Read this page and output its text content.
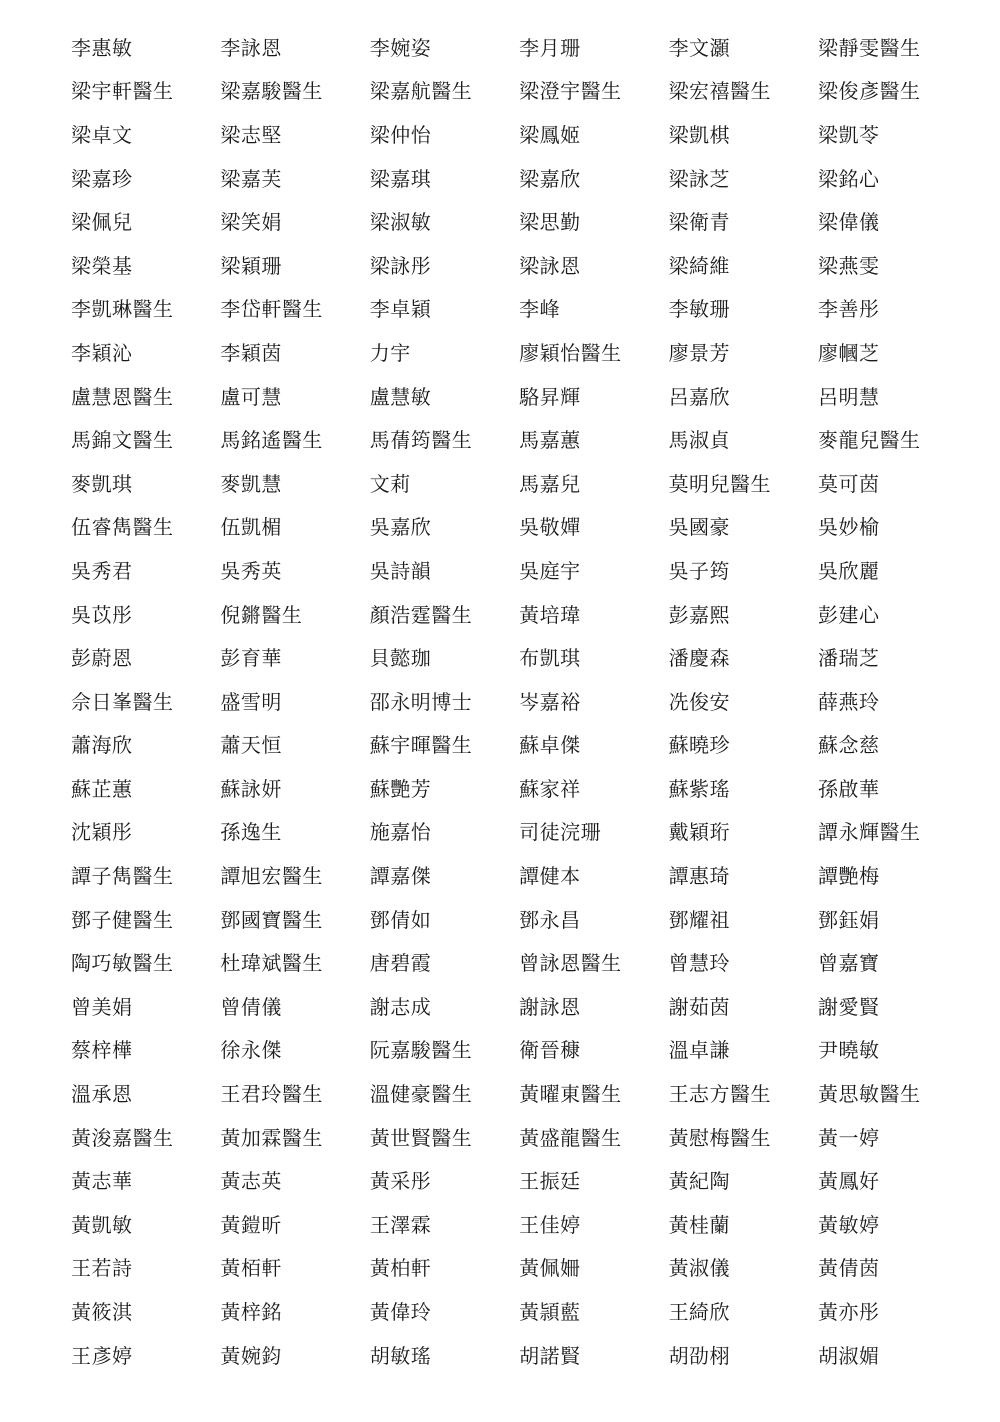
李惠敏	李詠恩	李婉姿	李月珊	李文灝	梁靜雯醫生
梁宇軒醫生	梁嘉駿醫生	梁嘉航醫生	梁澄宇醫生	梁宏禧醫生	梁俊彥醫生
梁卓文	梁志堅	梁仲怡	梁鳳姬	梁凱棋	梁凱苓
梁嘉珍	梁嘉芙	梁嘉琪	梁嘉欣	梁詠芝	梁銘心
梁佩兒	梁笑娟	梁淑敏	梁思勤	梁衛青	梁偉儀
梁榮基	梁穎珊	梁詠彤	梁詠恩	梁綺維	梁燕雯
李凱琳醫生	李岱軒醫生	李卓穎	李峰	李敏珊	李善彤
李穎沁	李穎茵	力宇	廖穎怡醫生	廖景芳	廖幗芝
盧慧恩醫生	盧可慧	盧慧敏	駱昇輝	呂嘉欣	呂明慧
馬錦文醫生	馬銘遙醫生	馬蒨筠醫生	馬嘉蕙	馬淑貞	麥龍兒醫生
麥凱琪	麥凱慧	文莉	馬嘉兒	莫明兒醫生	莫可茵
伍睿雋醫生	伍凱楣	吳嘉欣	吳敬嬋	吳國豪	吳妙榆
吳秀君	吳秀英	吳詩韻	吳庭宇	吳子筠	吳欣麗
吳苡彤	倪鏘醫生	顏浩霆醫生	黃培瑋	彭嘉熙	彭建心
彭蔚恩	彭育華	貝懿珈	布凱琪	潘慶森	潘瑞芝
佘日峯醫生	盛雪明	邵永明博士	岑嘉裕	冼俊安	薛燕玲
蕭海欣	蕭天恒	蘇宇暉醫生	蘇卓傑	蘇曉珍	蘇念慈
蘇芷蕙	蘇詠妍	蘇艷芳	蘇家祥	蘇紫瑤	孫啟華
沈穎彤	孫逸生	施嘉怡	司徒浣珊	戴穎珩	譚永輝醫生
譚子雋醫生	譚旭宏醫生	譚嘉傑	譚健本	譚惠琦	譚艷梅
鄧子健醫生	鄧國寶醫生	鄧倩如	鄧永昌	鄧耀祖	鄧鈺娟
陶巧敏醫生	杜瑋斌醫生	唐碧霞	曾詠恩醫生	曾慧玲	曾嘉寶
曾美娟	曾倩儀	謝志成	謝詠恩	謝茹茵	謝愛賢
蔡梓樺	徐永傑	阮嘉駿醫生	衛晉穅	溫卓謙	尹曉敏
溫承恩	王君玲醫生	溫健豪醫生	黃曜東醫生	王志方醫生	黃思敏醫生
黃浚嘉醫生	黃加霖醫生	黃世賢醫生	黃盛龍醫生	黃慰梅醫生	黃一婷
黃志華	黃志英	黃采彤	王振廷	黃紀陶	黃鳳好
黃凱敏	黃鎧昕	王澤霖	王佳婷	黃桂蘭	黃敏婷
王若詩	黃栢軒	黃柏軒	黃佩姍	黃淑儀	黃倩茵
黃筱淇	黃梓銘	黃偉玲	黃頴藍	王綺欣	黃亦彤
王彥婷	黃婉鈞	胡敏瑤	胡諾賢	胡劭栩	胡淑媚
